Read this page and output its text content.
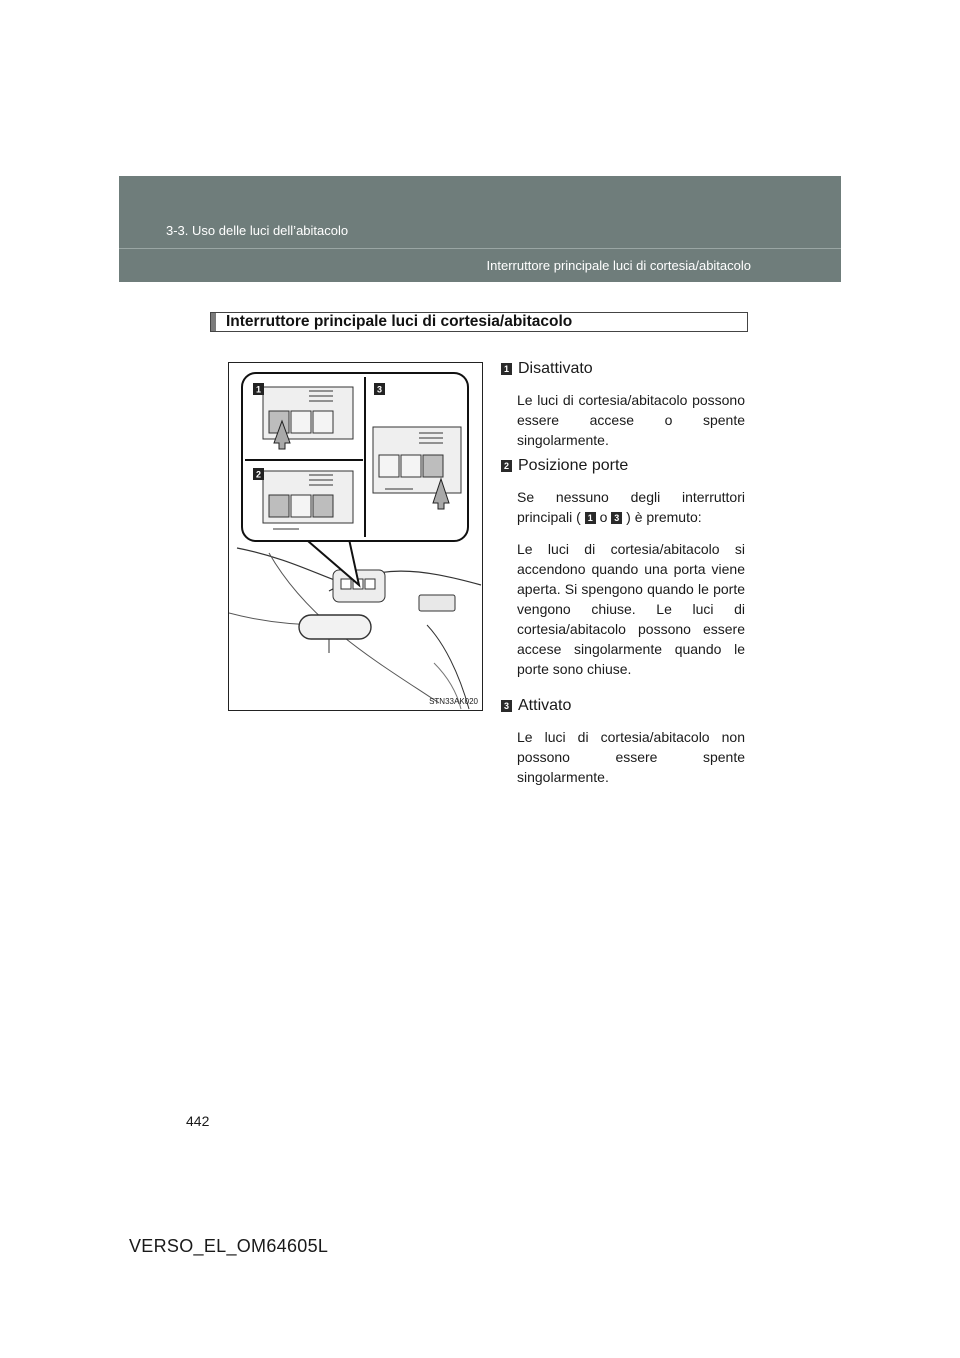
3-3. Uso delle luci dell’abitacolo
Interruttore principale luci di cortesia/abitacolo
Interruttore principale luci di cortesia/abitacolo
1
2
3
STN33AK020
1 Disattivato
Le luci di cortesia/abitacolo possono essere accese o spente singolarmente.
2 Posizione porte
Se nessuno degli interruttori principali ( 1 o 3 ) è premuto:
Le luci di cortesia/abitacolo si accendono quando una porta viene aperta. Si spengono quando le porte vengono chiuse. Le luci di cortesia/abitacolo possono essere accese singolarmente quando le porte sono chiuse.
3 Attivato
Le luci di cortesia/abitacolo non possono essere spente singolarmente.
442
VERSO_EL_OM64605L
